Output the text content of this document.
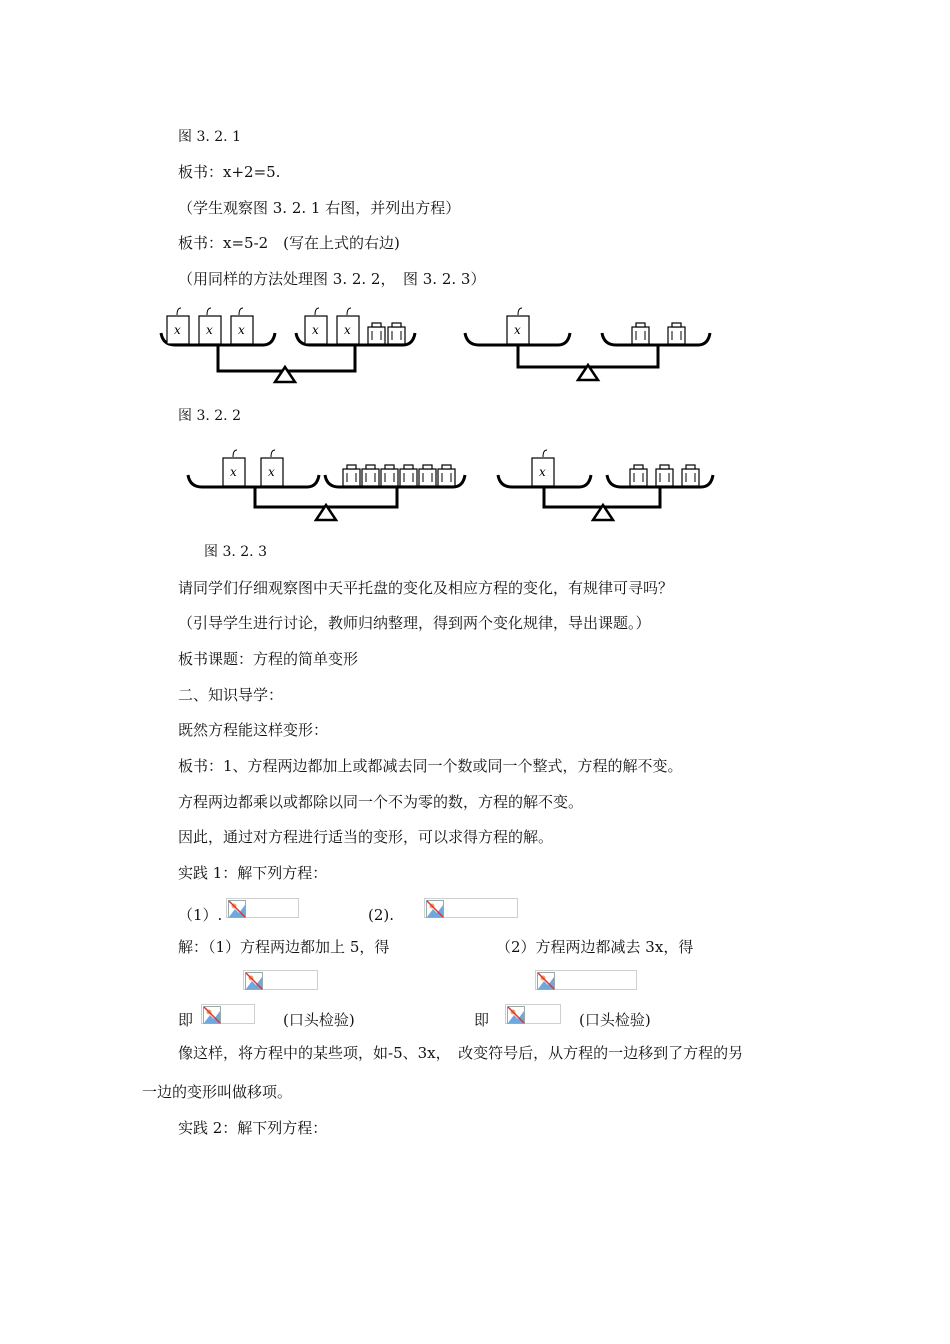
图 3. 2. 1
板书：x+2=5.
（学生观察图 3. 2. 1 右图，并列出方程）
板书：x=5-2　(写在上式的右边)
（用同样的方法处理图 3. 2. 2，　图 3. 2. 3）
x x x	x x	x
图 3. 2. 2
x	x	x
图 3. 2. 3
请同学们仔细观察图中天平托盘的变化及相应方程的变化，有规律可寻吗？
（引导学生进行讨论，教师归纳整理，得到两个变化规律，导出课题。）
板书课题：方程的简单变形
二、知识导学：
既然方程能这样变形：
板书：1、方程两边都加上或都减去同一个数或同一个整式，方程的解不变。
方程两边都乘以或都除以同一个不为零的数，方程的解不变。
因此，通过对方程进行适当的变形，可以求得方程的解。
实践 1：解下列方程：
（1）.	(2).
解：（1）方程两边都加上 5，得	（2）方程两边都减去 3x，得
即	(口头检验)	即	(口头检验)
像这样，将方程中的某些项，如-5、3x，　改变符号后，从方程的一边移到了方程的另
一边的变形叫做移项。
实践 2：解下列方程：
